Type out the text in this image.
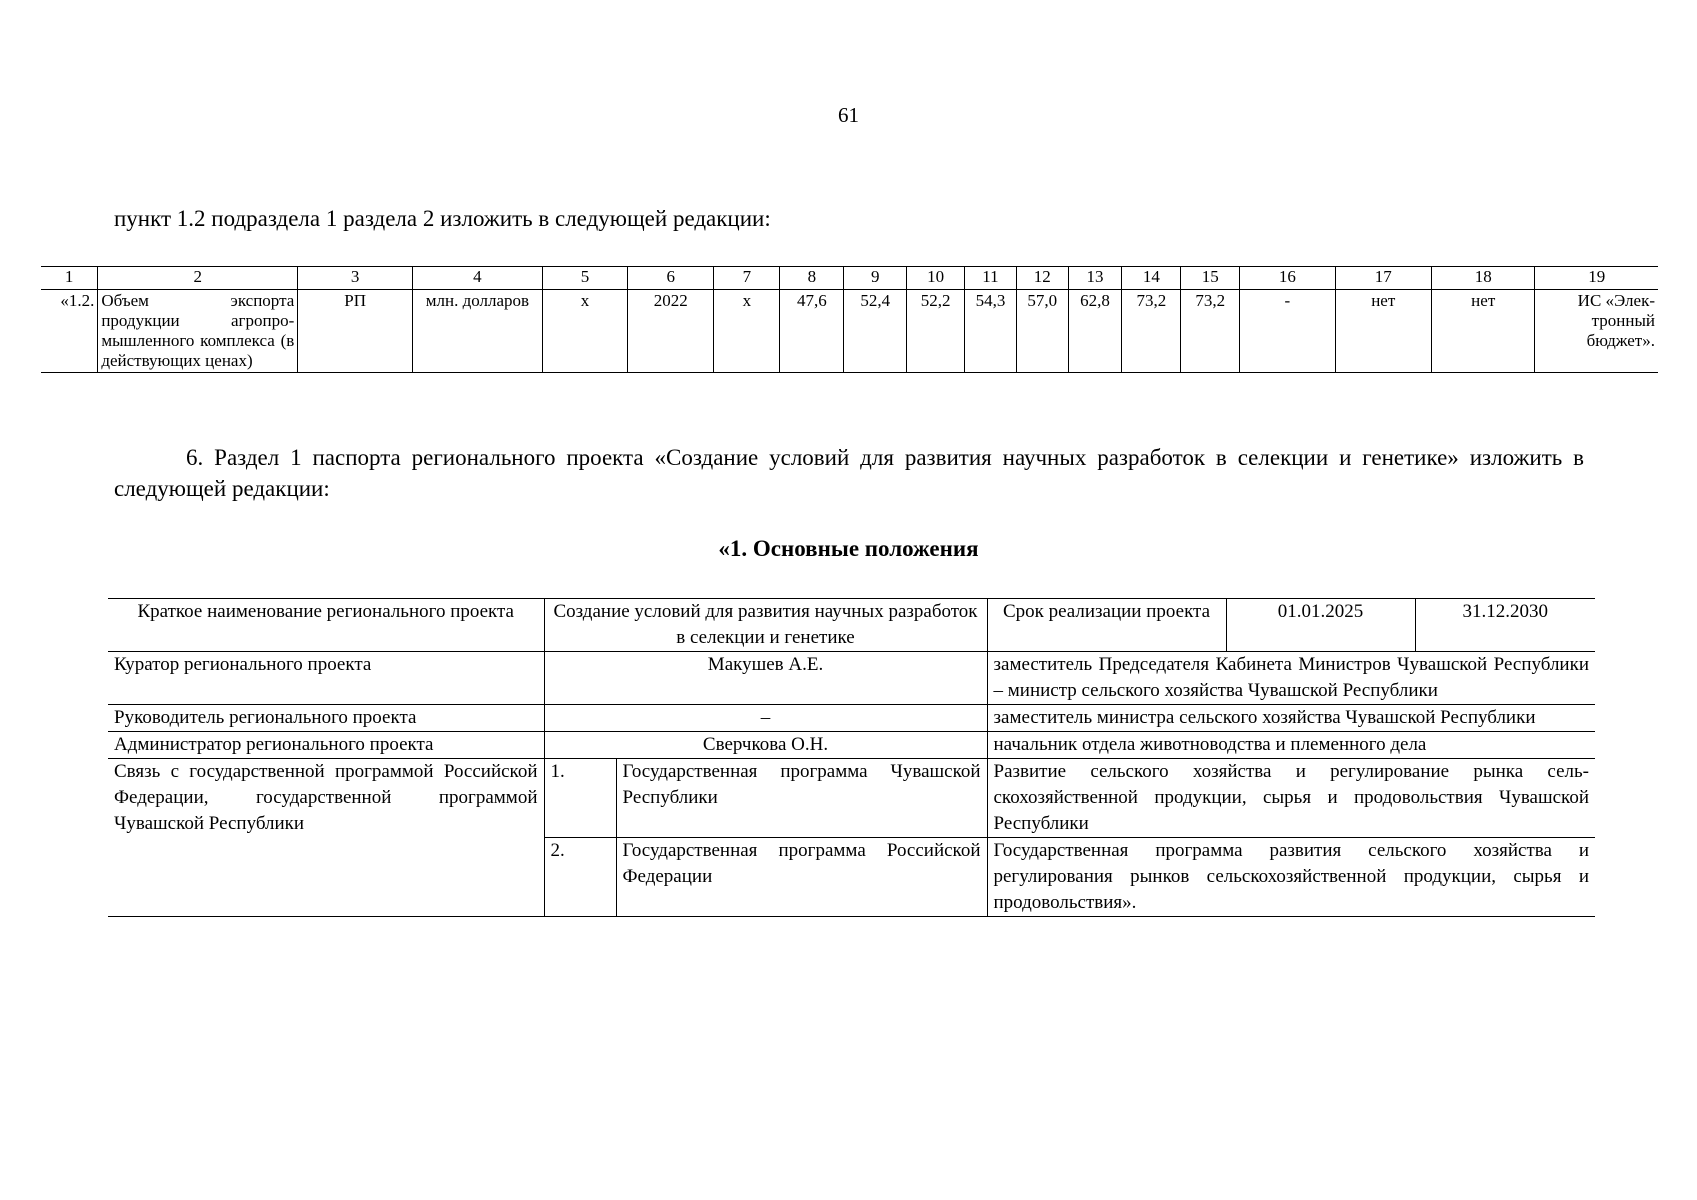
61

пункт 1.2 подраздела 1 раздела 2 изложить в следующей редакции:

1	2	3	4	5	6	7	8	9	10	11	12	13	14	15	16	17	18	19
«1.2.	Объем экспорта продукции агропромышленного комплекса (в действующих ценах)	РП	млн. долларов	х	2022	х	47,6	52,4	52,2	54,3	57,0	62,8	73,2	73,2	-	нет	нет	ИС «Электронный бюджет».

6. Раздел 1 паспорта регионального проекта «Создание условий для развития научных разработок в селекции и генетике» изложить в следующей редакции:

«1. Основные положения

Краткое наименование регионального проекта	Создание условий для развития научных разработок в селекции и генетике		Срок реализации проекта	01.01.2025	31.12.2030
Куратор регионального проекта	Макушев А.Е.		заместитель Председателя Кабинета Министров Чувашской Республики – министр сельского хозяйства Чувашской Республики		
Руководитель регионального проекта	–		заместитель министра сельского хозяйства Чувашской Республики		
Администратор регионального проекта	Сверчкова О.Н.		начальник отдела животноводства и племенного дела		
Связь с государственной программой Российской Федерации, государственной программой Чувашской Республики	1.	Государственная программа Чувашской Республики	Развитие сельского хозяйства и регулирование рынка сельскохозяйственной продукции, сырья и продовольствия Чувашской Республики		
	2.	Государственная программа Российской Федерации	Государственная программа развития сельского хозяйства и регулирования рынков сельскохозяйственной продукции, сырья и продовольствия».		
